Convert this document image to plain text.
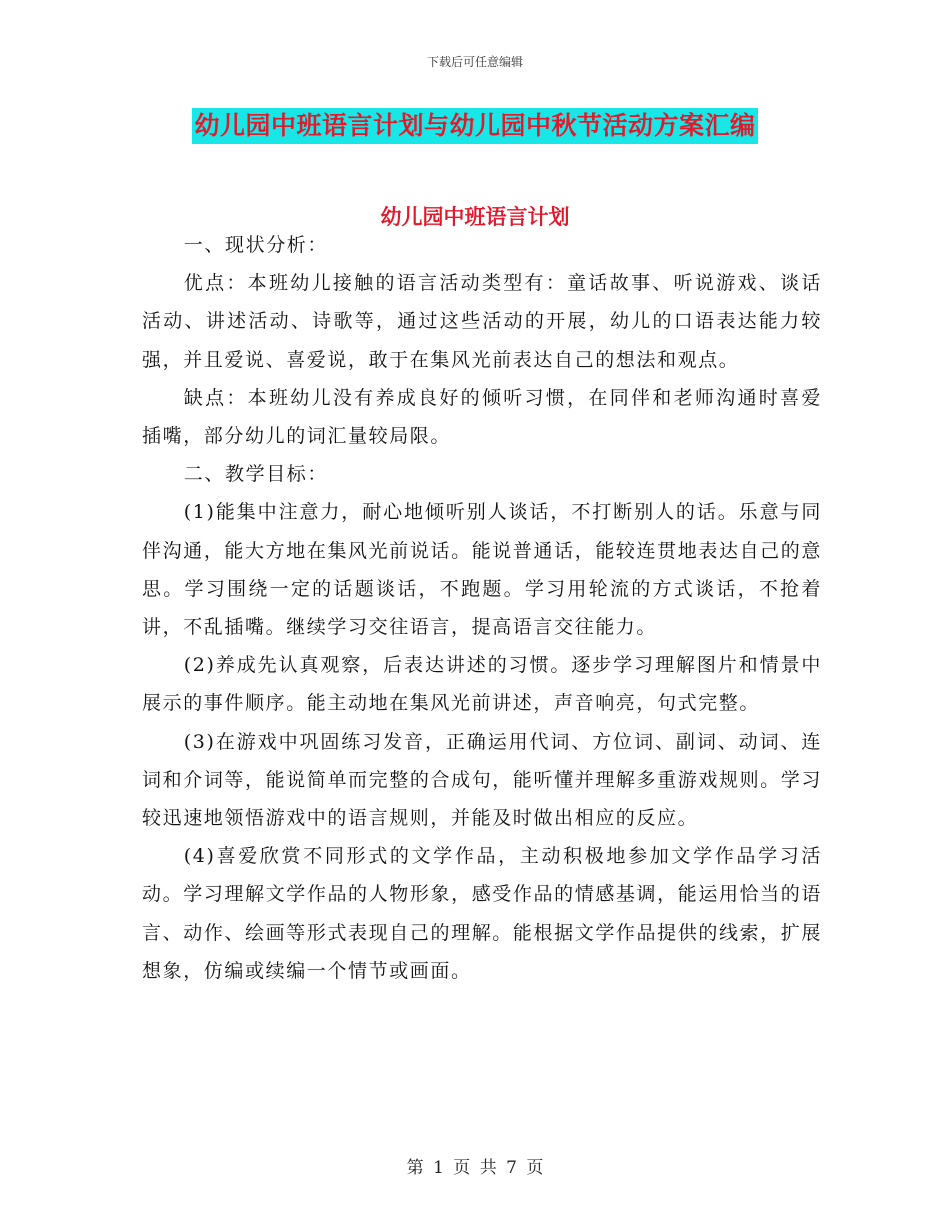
下载后可任意编辑
幼儿园中班语言计划与幼儿园中秋节活动方案汇编
幼儿园中班语言计划

一、现状分析：

优点：本班幼儿接触的语言活动类型有：童话故事、听说游戏、谈话活动、讲述活动、诗歌等，通过这些活动的开展，幼儿的口语表达能力较强，并且爱说、喜爱说，敢于在集风光前表达自己的想法和观点。

缺点：本班幼儿没有养成良好的倾听习惯，在同伴和老师沟通时喜爱插嘴，部分幼儿的词汇量较局限。

二、教学目标：

(1)能集中注意力，耐心地倾听别人谈话，不打断别人的话。乐意与同伴沟通，能大方地在集风光前说话。能说普通话，能较连贯地表达自己的意思。学习围绕一定的话题谈话，不跑题。学习用轮流的方式谈话，不抢着讲，不乱插嘴。继续学习交往语言，提高语言交往能力。

(2)养成先认真观察，后表达讲述的习惯。逐步学习理解图片和情景中展示的事件顺序。能主动地在集风光前讲述，声音响亮，句式完整。

(3)在游戏中巩固练习发音，正确运用代词、方位词、副词、动词、连词和介词等，能说简单而完整的合成句，能听懂并理解多重游戏规则。学习较迅速地领悟游戏中的语言规则，并能及时做出相应的反应。

(4)喜爱欣赏不同形式的文学作品，主动积极地参加文学作品学习活动。学习理解文学作品的人物形象，感受作品的情感基调，能运用恰当的语言、动作、绘画等形式表现自己的理解。能根据文学作品提供的线索，扩展想象，仿编或续编一个情节或画面。

第 1 页 共 7 页
